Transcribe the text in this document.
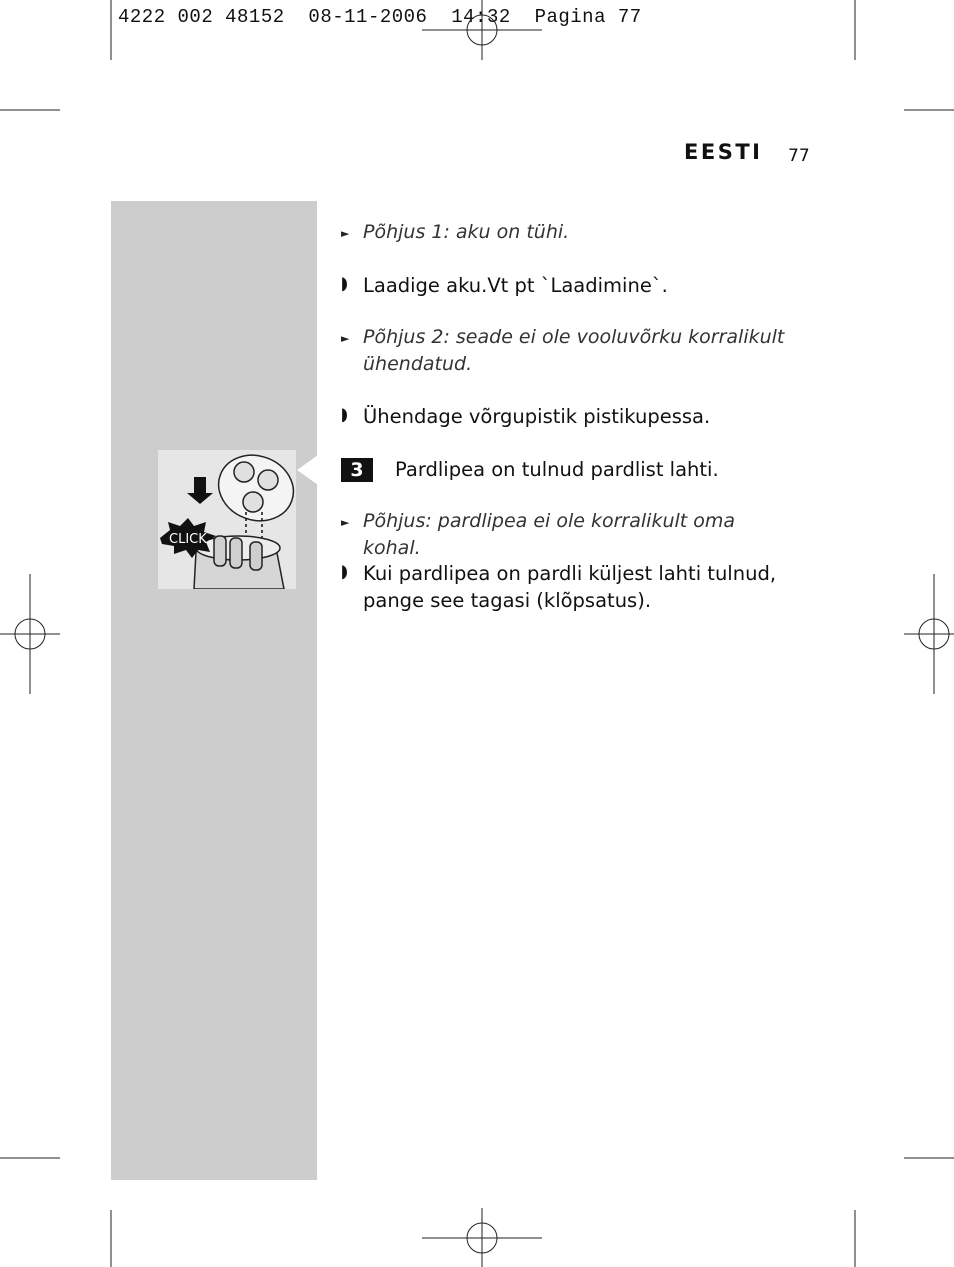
4222 002 48152  08-11-2006  14:32  Pagina 77
EESTI 77
CLICK
► Põhjus 1: aku on tühi.
◗ Laadige aku.Vt pt `Laadimine`.
► Põhjus 2: seade ei ole vooluvõrku korralikult ühendatud.
◗ Ühendage võrgupistik pistikupessa.
3	Pardlipea on tulnud pardlist lahti.
► Põhjus: pardlipea ei ole korralikult oma kohal.
◗ Kui pardlipea on pardli küljest lahti tulnud, pange see tagasi (klõpsatus).
